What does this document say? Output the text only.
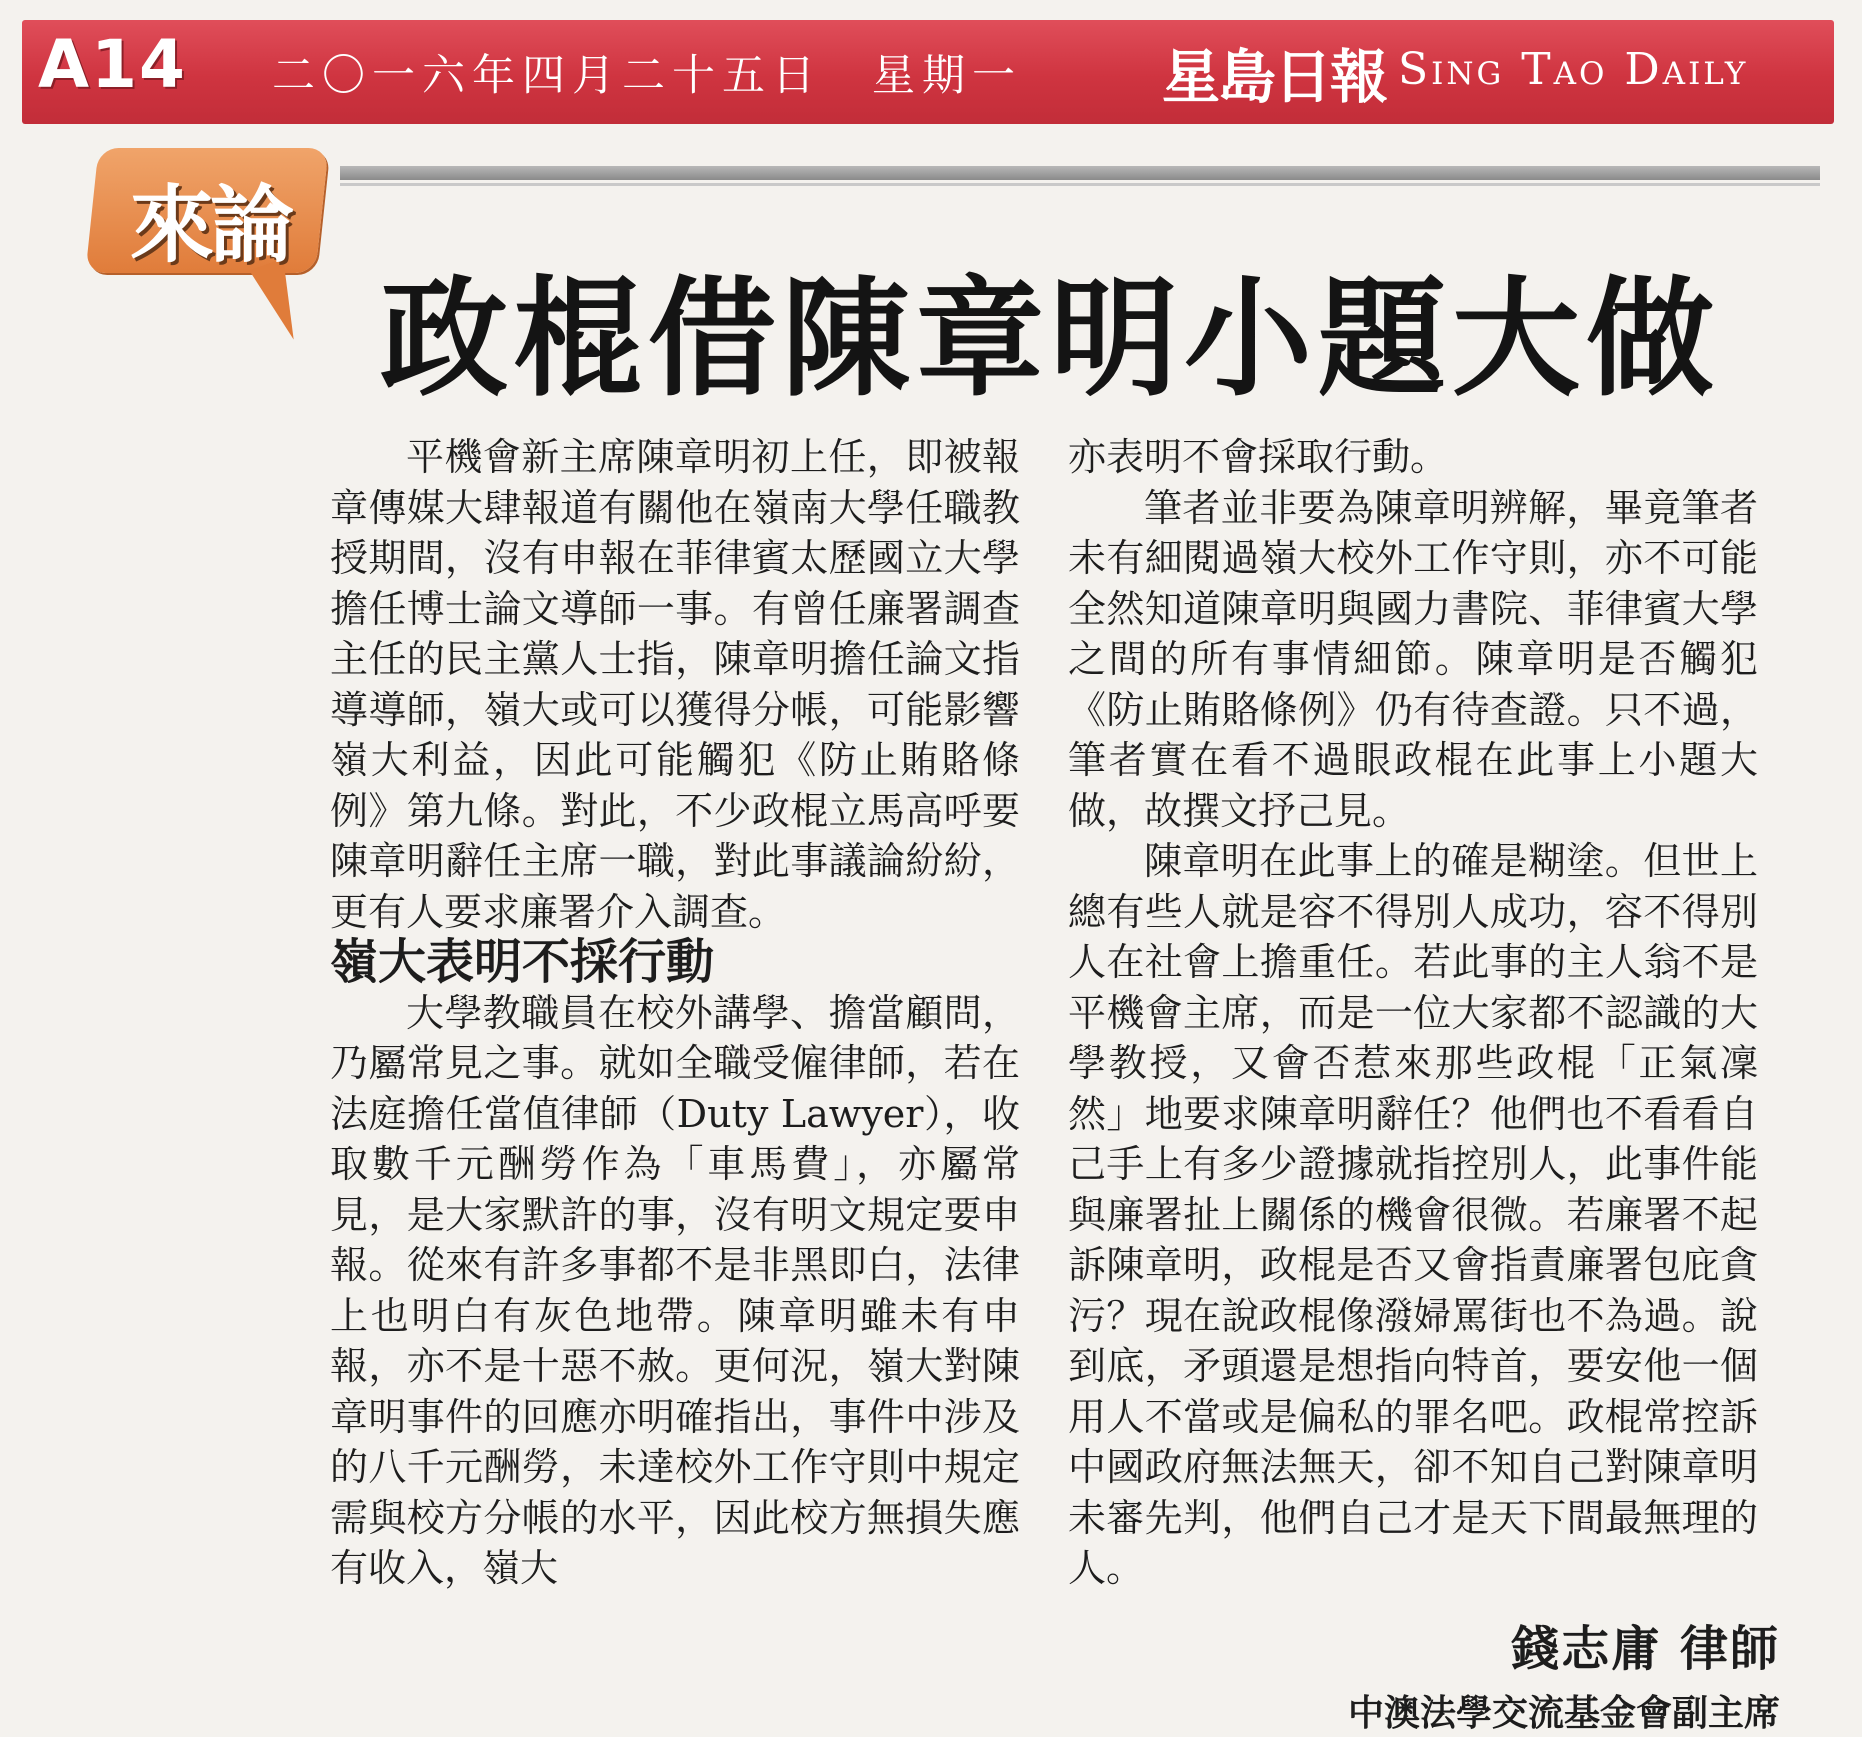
A14 二〇一六年四月二十五日　星期一 星島日報 Sing Tao Daily
來論
政棍借陳章明小題大做

平機會新主席陳章明初上任，即被報章傳媒大肆報道有關他在嶺南大學任職教授期間，沒有申報在菲律賓太歷國立大學擔任博士論文導師一事。有曾任廉署調查主任的民主黨人士指，陳章明擔任論文指導導師，嶺大或可以獲得分帳，可能影響嶺大利益，因此可能觸犯《防止賄賂條例》第九條。對此，不少政棍立馬高呼要陳章明辭任主席一職，對此事議論紛紛，更有人要求廉署介入調查。

嶺大表明不採行動

大學教職員在校外講學、擔當顧問，乃屬常見之事。就如全職受僱律師，若在法庭擔任當值律師（Duty Lawyer），收取數千元酬勞作為「車馬費」，亦屬常見，是大家默許的事，沒有明文規定要申報。從來有許多事都不是非黑即白，法律上也明白有灰色地帶。陳章明雖未有申報，亦不是十惡不赦。更何況，嶺大對陳章明事件的回應亦明確指出，事件中涉及的八千元酬勞，未達校外工作守則中規定需與校方分帳的水平，因此校方無損失應有收入，嶺大

亦表明不會採取行動。

筆者並非要為陳章明辨解，畢竟筆者未有細閱過嶺大校外工作守則，亦不可能全然知道陳章明與國力書院、菲律賓大學之間的所有事情細節。陳章明是否觸犯《防止賄賂條例》仍有待查證。只不過，筆者實在看不過眼政棍在此事上小題大做，故撰文抒己見。

陳章明在此事上的確是糊塗。但世上總有些人就是容不得別人成功，容不得別人在社會上擔重任。若此事的主人翁不是平機會主席，而是一位大家都不認識的大學教授，又會否惹來那些政棍「正氣凜然」地要求陳章明辭任？他們也不看看自己手上有多少證據就指控別人，此事件能與廉署扯上關係的機會很微。若廉署不起訴陳章明，政棍是否又會指責廉署包庇貪污？現在說政棍像潑婦罵街也不為過。說到底，矛頭還是想指向特首，要安他一個用人不當或是偏私的罪名吧。政棍常控訴中國政府無法無天，卻不知自己對陳章明未審先判，他們自己才是天下間最無理的人。

錢志庸 律師
中澳法學交流基金會副主席
